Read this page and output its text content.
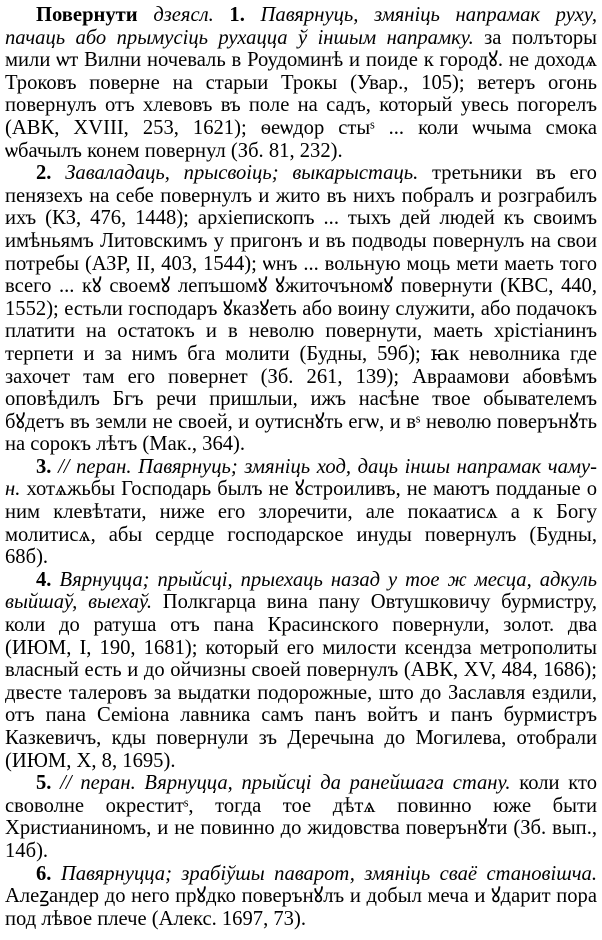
Повернути дзеясл. 1. Павярнуць, змяніць напрамак руху, пачаць або прымусіць рухацца ў іншым напрамку. за полъторы мили ѡт Вилни ночеваль в Роудоминѣ и поиде к городꙋ. не доходѧ Троковъ поверне на старыи Трокы (Увар., 105); ветеръ огонь повернулъ отъ хлевовъ въ поле на садъ, который увесь погорелъ (АВК, XVIII, 253, 1621); ѳеѡдор стыˢ ... коли ѡчыма смока ѡбачылъ конем повернул (Зб. 81, 232).

2. Заваладаць, прысвоіць; выкарыстаць. третьники въ его пенязехъ на себе повернулъ и жито въ нихъ побралъ и розграбилъ ихъ (КЗ, 476, 1448); архіепископъ ... тыхъ дей людей къ своимъ имѣньямъ Литовскимъ у пригонъ и въ подводы повернулъ на свои потребы (АЗР, II, 403, 1544); ѡнъ ... вольную моць мети маеть того всего ... кꙋ своемꙋ лепъшомꙋ ꙋжиточъномꙋ повернути (КВС, 440, 1552); естьли господаръ ꙋказꙋеть або воину служити, або подачокъ платити на остатокъ и в неволю повернути, маеть хрістіанинъ терпети и за нимъ бга молити (Будны, 59б); ꙗк неволника где захочет там его повернет (Зб. 261, 139); Авраамови абовѣмъ оповѣдилъ Бгъ речи пришлыи, ижъ насѣне твое обывателемъ бꙋдетъ въ земли не своей, и оутиснꙋть егѡ, и вˢ неволю поверънꙋть на сорокъ лѣтъ (Мак., 364).

3. // перан. Павярнуць; змяніць ход, даць іншы напрамак чаму-н. хотѧжьбы Господарь былъ не ꙋстроиливъ, не маютъ подданые о ним клевѣтати, ниже его злоречити, але покаатисѧ а к Богу молитисѧ, абы сердце господарское инуды повернулъ (Будны, 68б).

4. Вярнуцца; прыйсці, прыехаць назад у тое ж месца, адкуль выйшаў, выехаў. Полкгарца вина пану Овтушковичу бурмистру, коли до ратуша отъ пана Красинского повернули, золот. два (ИЮМ, I, 190, 1681); который его милости ксендза метрополиты власный есть и до ойчизны своей повернулъ (АВК, XV, 484, 1686); двесте талеровъ за выдатки подорожные, што до Заславля ездили, отъ пана Семіона лавника самъ панъ войтъ и панъ бурмистръ Казкевичъ, кды повернули зъ Деречына до Могилева, отобрали (ИЮМ, X, 8, 1695).

5. // перан. Вярнуцца, прыйсці да ранейшага стану. коли кто своволне окреститˢ, тогда тое дѣтѧ повинно юже быти Христианиномъ, и не повинно до жидовства поверънꙋти (Зб. вып., 14б).

6. Павярнуцца; зрабіўшы паварот, змяніць сваё становішча. Алеꙁандер до него прꙋдко поверънꙋлъ и добыл меча и ꙋдарит пора под лѣвое плече (Алекс. 1697, 73).
